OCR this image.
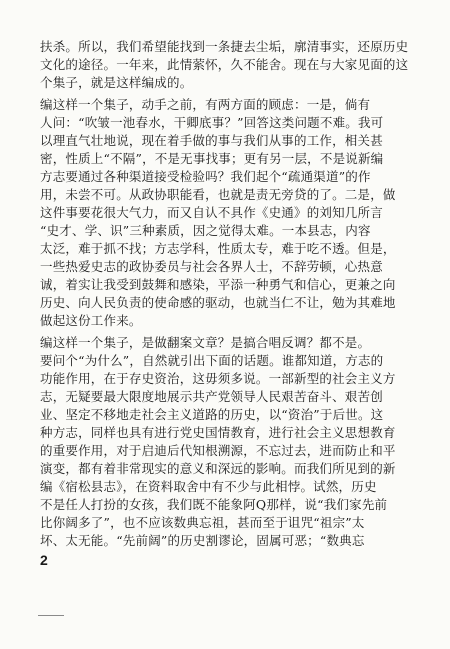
扶杀。所以，我们希望能找到一条捷去尘垢，廓清事实，还原历史
文化的途径。一年来，此情萦怀，久不能舍。现在与大家见面的这
个集子，就是这样编成的。
编这样一个集子，动手之前，有两方面的顾虑：一是，倘有
人问：“吹皱一池春水，干卿底事？”回答这类问题不难。我可
以理直气壮地说，现在着手做的事与我们从事的工作，相关甚
密，性质上“不隔”，不是无事找事；更有另一层，不是说新编
方志要通过各种渠道接受检验吗？我们起个“疏通渠道”的作
用，未尝不可。从政协职能看，也就是责无旁贷的了。二是，做
这件事要花很大气力，而又自认不具作《史通》的刘知几所言
“史才、学、识”三种素质，因之觉得太难。一本县志，内容
太泛，难于抓不找；方志学科，性质太专，难于吃不透。但是，
一些热爱史志的政协委员与社会各界人士，不辞劳顿，心热意
诚，着实让我受到鼓舞和感染，平添一种勇气和信心，更兼之向
历史、向人民负责的使命感的驱动，也就当仁不让，勉为其难地
做起这份工作来。
编这样一个集子，是做翻案文章？是搞合唱反调？都不是。
要问个“为什么”，自然就引出下面的话题。谁都知道，方志的
功能作用，在于存史资治，这毋须多说。一部新型的社会主义方
志，无疑要最大限度地展示共产党领导人民艰苦奋斗、艰苦创
业、坚定不移地走社会主义道路的历史，以“资治”于后世。这
种方志，同样也具有进行党史国情教育，进行社会主义思想教育
的重要作用，对于启迪后代知根溯源，不忘过去，进而防止和平
演变，都有着非常现实的意义和深远的影响。而我们所见到的新
编《宿松县志》，在资料取舍中有不少与此相悖。试然，历史
不是任人打扮的女孩，我们既不能象阿Q那样，说“我们家先前
比你阔多了”，也不应该数典忘祖，甚而至于诅咒“祖宗”太
坏、太无能。“先前阔”的历史割谬论，固属可恶；“数典忘
2
